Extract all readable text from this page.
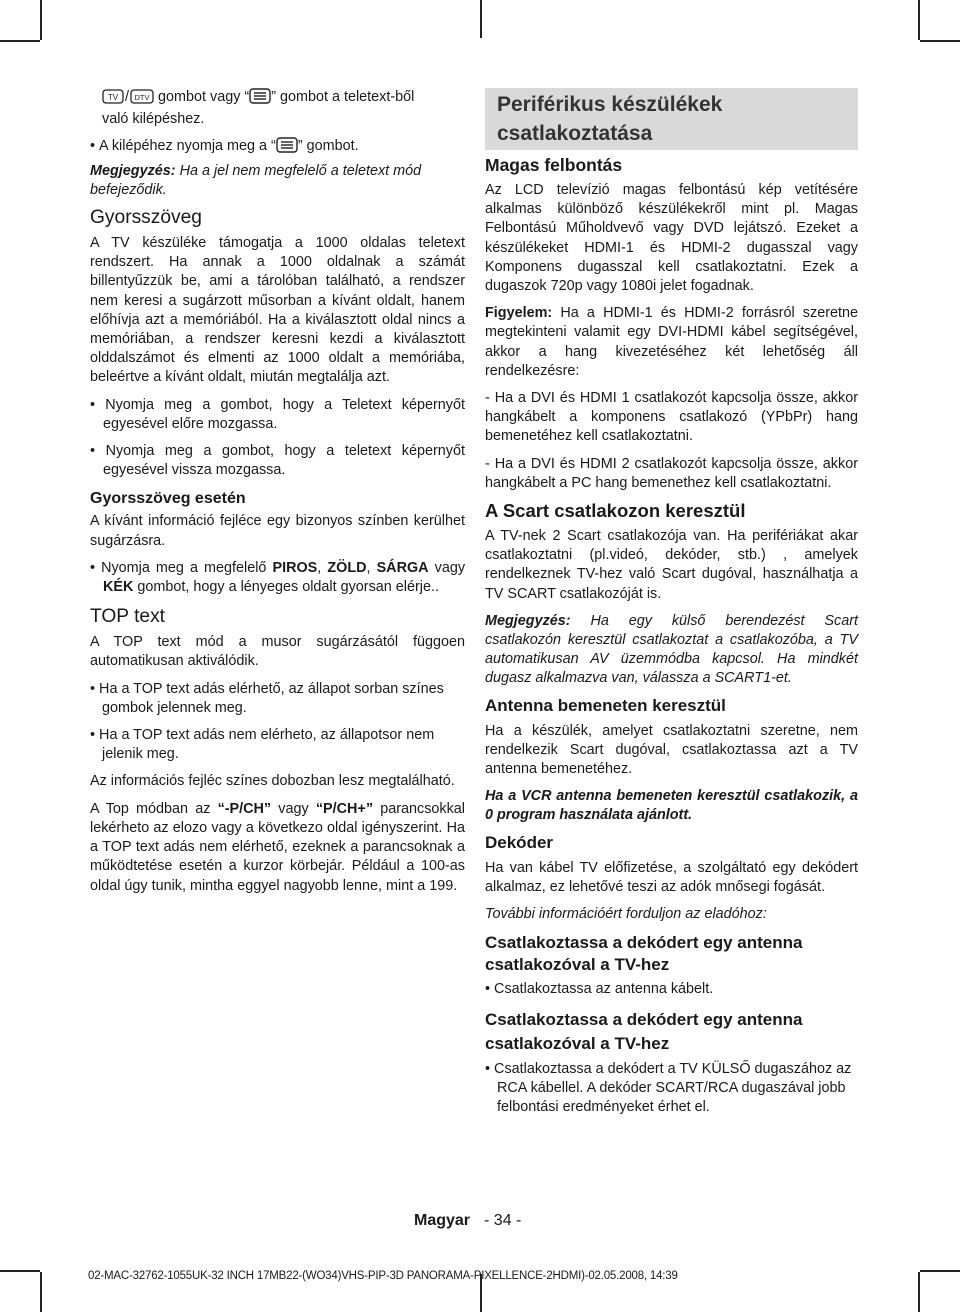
TV / DTV gombot vagy “ ” gombot a teletext-ből
való kilépéshez.

• A kilépéhez nyomja meg a “ ” gombot.

Megjegyzés: Ha a jel nem megfelelő a teletext mód befejeződik.

Gyorsszöveg

A TV készüléke támogatja a 1000 oldalas teletext rendszert. Ha annak a 1000 oldalnak a számát billentyűzzük be, ami a tárolóban található, a rendszer nem keresi a sugárzott műsorban a kívánt oldalt, hanem előhívja azt a memóriából. Ha a kiválasztott oldal nincs a memóriában, a rendszer keresni kezdi a kiválasztott olddalszámot és elmenti az 1000 oldalt a memóriába, beleértve a kívánt oldalt, miután megtalálja azt.

• Nyomja meg a gombot, hogy a Teletext képernyőt egyesével előre mozgassa.

• Nyomja meg a gombot, hogy a teletext képernyőt egyesével vissza mozgassa.

Gyorsszöveg esetén

A kívánt információ fejléce egy bizonyos színben kerülhet sugárzásra.

• Nyomja meg a megfelelő PIROS, ZÖLD, SÁRGA vagy KÉK gombot, hogy a lényeges oldalt gyorsan elérje..

TOP text

A TOP text mód a musor sugárzásától függoen automatikusan aktiválódik.

• Ha a TOP text adás elérhető, az állapot sorban színes gombok jelennek meg.

• Ha a TOP text adás nem elérheto, az állapotsor nem jelenik meg.

Az információs fejléc színes dobozban lesz megtalálható.

A Top módban az “-P/CH” vagy “P/CH+” parancsokkal lekérheto az elozo vagy a következo oldal igényszerint. Ha a TOP text adás nem elérhető, ezeknek a parancsoknak a működtetése esetén a kurzor körbejár. Például a 100-as oldal úgy tunik, mintha eggyel nagyobb lenne, mint a 199.

Periférikus készülékek csatlakoztatása

Magas felbontás

Az LCD televízió magas felbontású kép vetítésére alkalmas különböző készülékekről mint pl. Magas Felbontású Műholdvevő vagy DVD lejátszó. Ezeket a készülékeket HDMI-1 és HDMI-2 dugasszal vagy Komponens dugasszal kell csatlakoztatni. Ezek a dugaszok 720p vagy 1080i jelet fogadnak.

Figyelem: Ha a HDMI-1 és HDMI-2 forrásról szeretne megtekinteni valamit egy DVI-HDMI kábel segítségével, akkor a hang kivezetéséhez két lehetőség áll rendelkezésre:

- Ha a DVI és HDMI 1 csatlakozót kapcsolja össze, akkor hangkábelt a komponens csatlakozó (YPbPr) hang bemenetéhez kell csatlakoztatni.

- Ha a DVI és HDMI 2 csatlakozót kapcsolja össze, akkor hangkábelt a PC hang bemenethez kell csatlakoztatni.

A Scart csatlakozon keresztül

A TV-nek 2 Scart csatlakozója van. Ha perifériákat akar csatlakoztatni (pl.videó, dekóder, stb.) , amelyek rendelkeznek TV-hez való Scart dugóval, használhatja a TV SCART csatlakozóját is.

Megjegyzés: Ha egy külső berendezést Scart csatlakozón keresztül csatlakoztat a csatlakozóba, a TV automatikusan AV üzemmódba kapcsol. Ha mindkét dugasz alkalmazva van, válassza a SCART1-et.

Antenna bemeneten keresztül

Ha a készülék, amelyet csatlakoztatni szeretne, nem rendelkezik Scart dugóval, csatlakoztassa azt a TV antenna bemenetéhez.

Ha a VCR antenna bemeneten keresztül csatlakozik, a 0 program használata ajánlott.

Dekóder

Ha van kábel TV előfizetése, a szolgáltató egy dekódert alkalmaz, ez lehetővé teszi az adók mnősegi fogását.

További információért forduljon az eladóhoz:

Csatlakoztassa a dekódert egy antenna csatlakozóval a TV-hez

• Csatlakoztassa az antenna kábelt.

Csatlakoztassa a dekódert egy antenna csatlakozóval a TV-hez

• Csatlakoztassa a dekódert a TV KÜLSŐ dugaszához az RCA kábellel. A dekóder SCART/RCA dugaszával jobb felbontási eredményeket érhet el.

Magyar - 34 -
02-MAC-32762-1055UK-32 INCH 17MB22-(WO34)VHS-PIP-3D PANORAMA-PIXELLENCE-2HDMI)-02.05.2008, 14:39
